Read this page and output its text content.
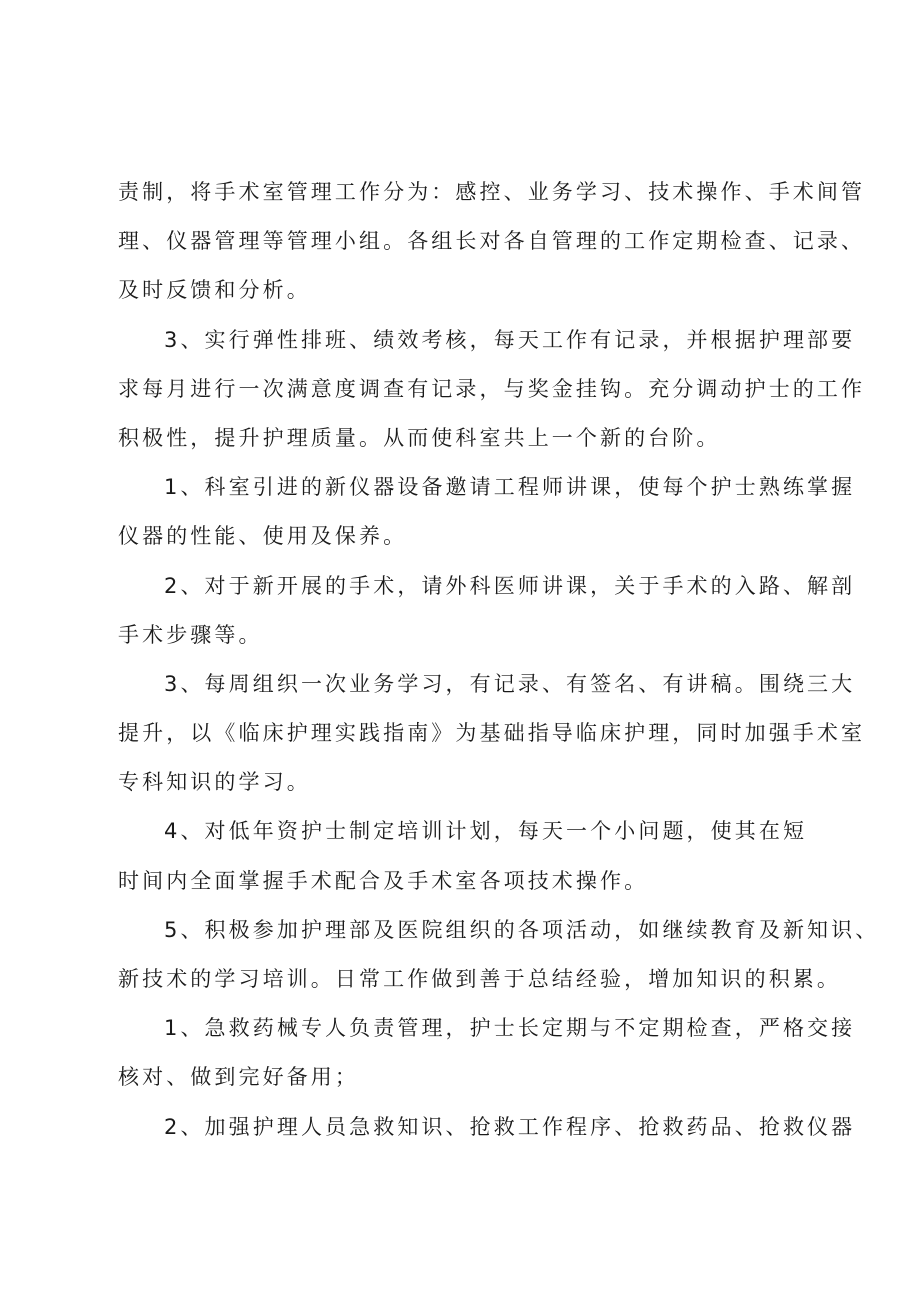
责制，将手术室管理工作分为：感控、业务学习、技术操作、手术间管
理、仪器管理等管理小组。各组长对各自管理的工作定期检查、记录、
及时反馈和分析。
3、实行弹性排班、绩效考核，每天工作有记录，并根据护理部要
求每月进行一次满意度调查有记录，与奖金挂钩。充分调动护士的工作
积极性，提升护理质量。从而使科室共上一个新的台阶。
1、科室引进的新仪器设备邀请工程师讲课，使每个护士熟练掌握
仪器的性能、使用及保养。
2、对于新开展的手术，请外科医师讲课，关于手术的入路、解剖
手术步骤等。
3、每周组织一次业务学习，有记录、有签名、有讲稿。围绕三大
提升，以《临床护理实践指南》为基础指导临床护理，同时加强手术室
专科知识的学习。
4、对低年资护士制定培训计划，每天一个小问题，使其在短
时间内全面掌握手术配合及手术室各项技术操作。
5、积极参加护理部及医院组织的各项活动，如继续教育及新知识、
新技术的学习培训。日常工作做到善于总结经验，增加知识的积累。
1、急救药械专人负责管理，护士长定期与不定期检查，严格交接
核对、做到完好备用；
2、加强护理人员急救知识、抢救工作程序、抢救药品、抢救仪器
